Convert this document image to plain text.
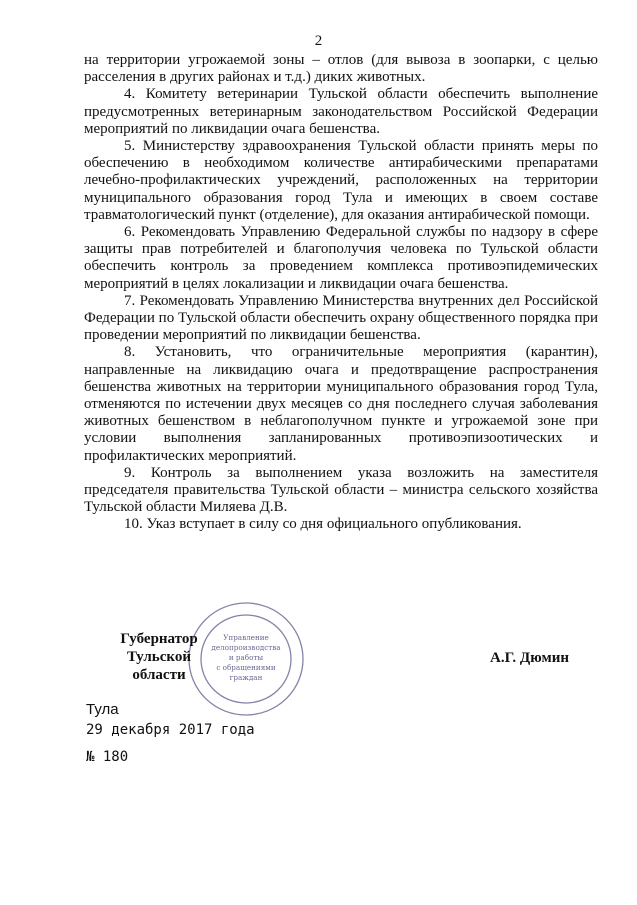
2

на территории угрожаемой зоны – отлов (для вывоза в зоопарки, с целью расселения в других районах и т.д.) диких животных.

4. Комитету ветеринарии Тульской области обеспечить выполнение предусмотренных ветеринарным законодательством Российской Федерации мероприятий по ликвидации очага бешенства.

5. Министерству здравоохранения Тульской области принять меры по обеспечению в необходимом количестве антирабическими препаратами лечебно-профилактических учреждений, расположенных на территории муниципального образования город Тула и имеющих в своем составе травматологический пункт (отделение), для оказания антирабической помощи.

6. Рекомендовать Управлению Федеральной службы по надзору в сфере защиты прав потребителей и благополучия человека по Тульской области обеспечить контроль за проведением комплекса противоэпидемических мероприятий в целях локализации и ликвидации очага бешенства.

7. Рекомендовать Управлению Министерства внутренних дел Российской Федерации по Тульской области обеспечить охрану общественного порядка при проведении мероприятий по ликвидации бешенства.

8. Установить, что ограничительные мероприятия (карантин), направленные на ликвидацию очага и предотвращение распространения бешенства животных на территории муниципального образования город Тула, отменяются по истечении двух месяцев со дня последнего случая заболевания животных бешенством в неблагополучном пункте и угрожаемой зоне при условии выполнения запланированных противоэпизоотических и профилактических мероприятий.

9. Контроль за выполнением указа возложить на заместителя председателя правительства Тульской области – министра сельского хозяйства Тульской области Миляева Д.В.

10. Указ вступает в силу со дня официального опубликования.

Управление
делопроизводства
и работы
с обращениями
граждан
Губернатор
Тульской области
А.Г. Дюмин
Тула
29 декабря 2017 года
№ 180
